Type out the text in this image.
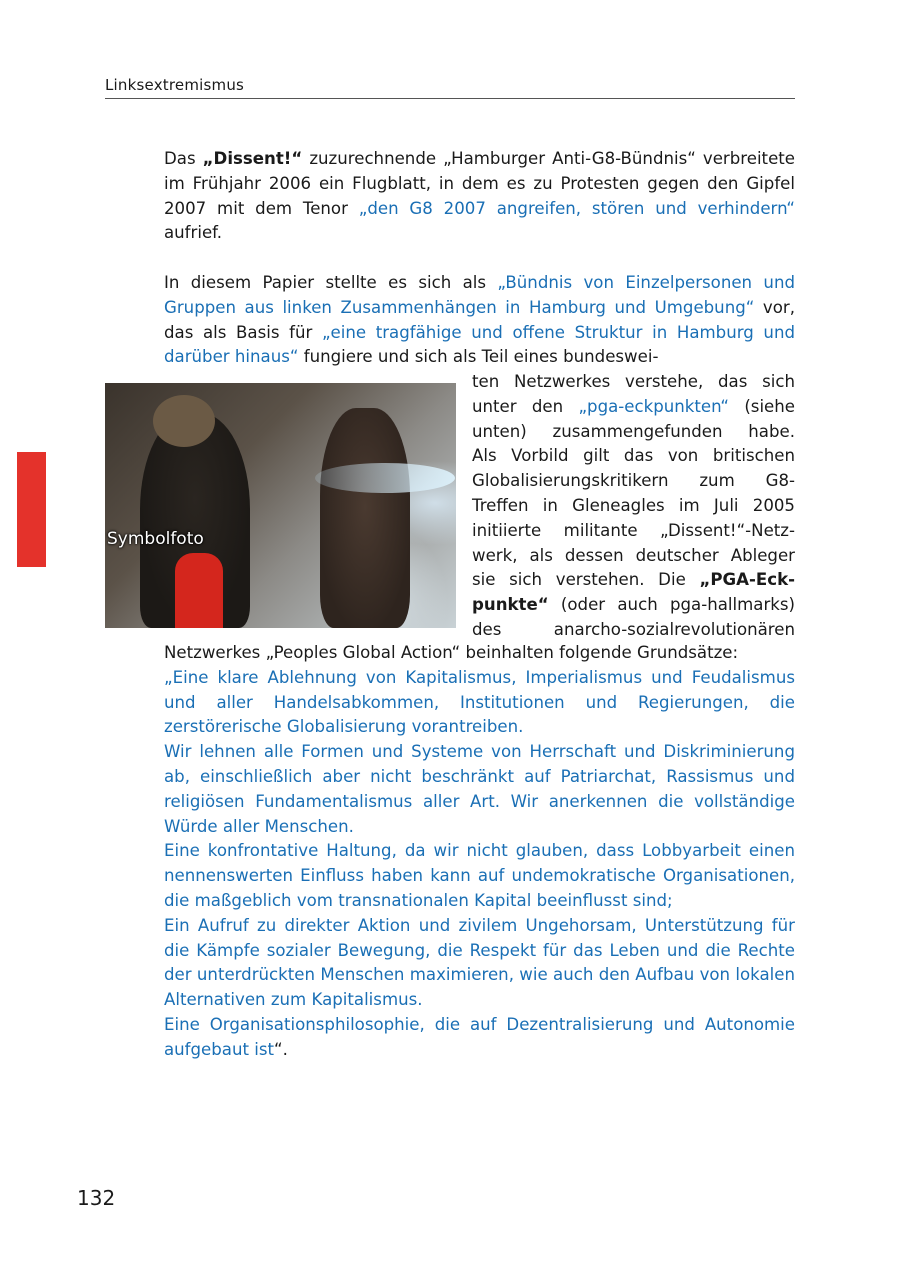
Linksextremismus

Das „Dissent!“ zuzurechnende „Hamburger Anti-G8-Bündnis“ verbreitete im Frühjahr 2006 ein Flugblatt, in dem es zu Protesten gegen den Gipfel 2007 mit dem Tenor „den G8 2007 angreifen, stören und verhindern“ aufrief.

In diesem Papier stellte es sich als „Bündnis von Einzelpersonen und Gruppen aus linken Zusammenhängen in Hamburg und Umgebung“ vor, das als Basis für „eine tragfähige und offene Struktur in Hamburg und darüber hinaus“ fungiere und sich als Teil eines bundeswei-

Symbolfoto
ten Netzwerkes verstehe, das sich
unter den „pga-eckpunkten“ (siehe
unten) zusammengefunden habe.
Als Vorbild gilt das von britischen
Globalisierungskritikern zum G8-
Treffen in Gleneagles im Juli 2005
initiierte militante „Dissent!“-Netz-
werk, als dessen deutscher Ableger
sie sich verstehen. Die „PGA-Eck-
punkte“ (oder auch pga-hallmarks)
des anarcho-sozialrevolutionären

Netzwerkes „Peoples Global Action“ beinhalten folgende Grundsätze:

„Eine klare Ablehnung von Kapitalismus, Imperialismus und Feudalismus und aller Handelsabkommen, Institutionen und Regierungen, die zerstörerische Globalisierung vorantreiben.

Wir lehnen alle Formen und Systeme von Herrschaft und Diskriminierung ab, einschließlich aber nicht beschränkt auf Patriarchat, Rassismus und religiösen Fundamentalismus aller Art. Wir anerkennen die vollständige Würde aller Menschen.

Eine konfrontative Haltung, da wir nicht glauben, dass Lobbyarbeit einen nennenswerten Einfluss haben kann auf undemokratische Organisationen, die maßgeblich vom transnationalen Kapital beeinflusst sind;

Ein Aufruf zu direkter Aktion und zivilem Ungehorsam, Unterstützung für die Kämpfe sozialer Bewegung, die Respekt für das Leben und die Rechte der unterdrückten Menschen maximieren, wie auch den Aufbau von lokalen Alternativen zum Kapitalismus.

Eine Organisationsphilosophie, die auf Dezentralisierung und Autonomie aufgebaut ist“.

132
